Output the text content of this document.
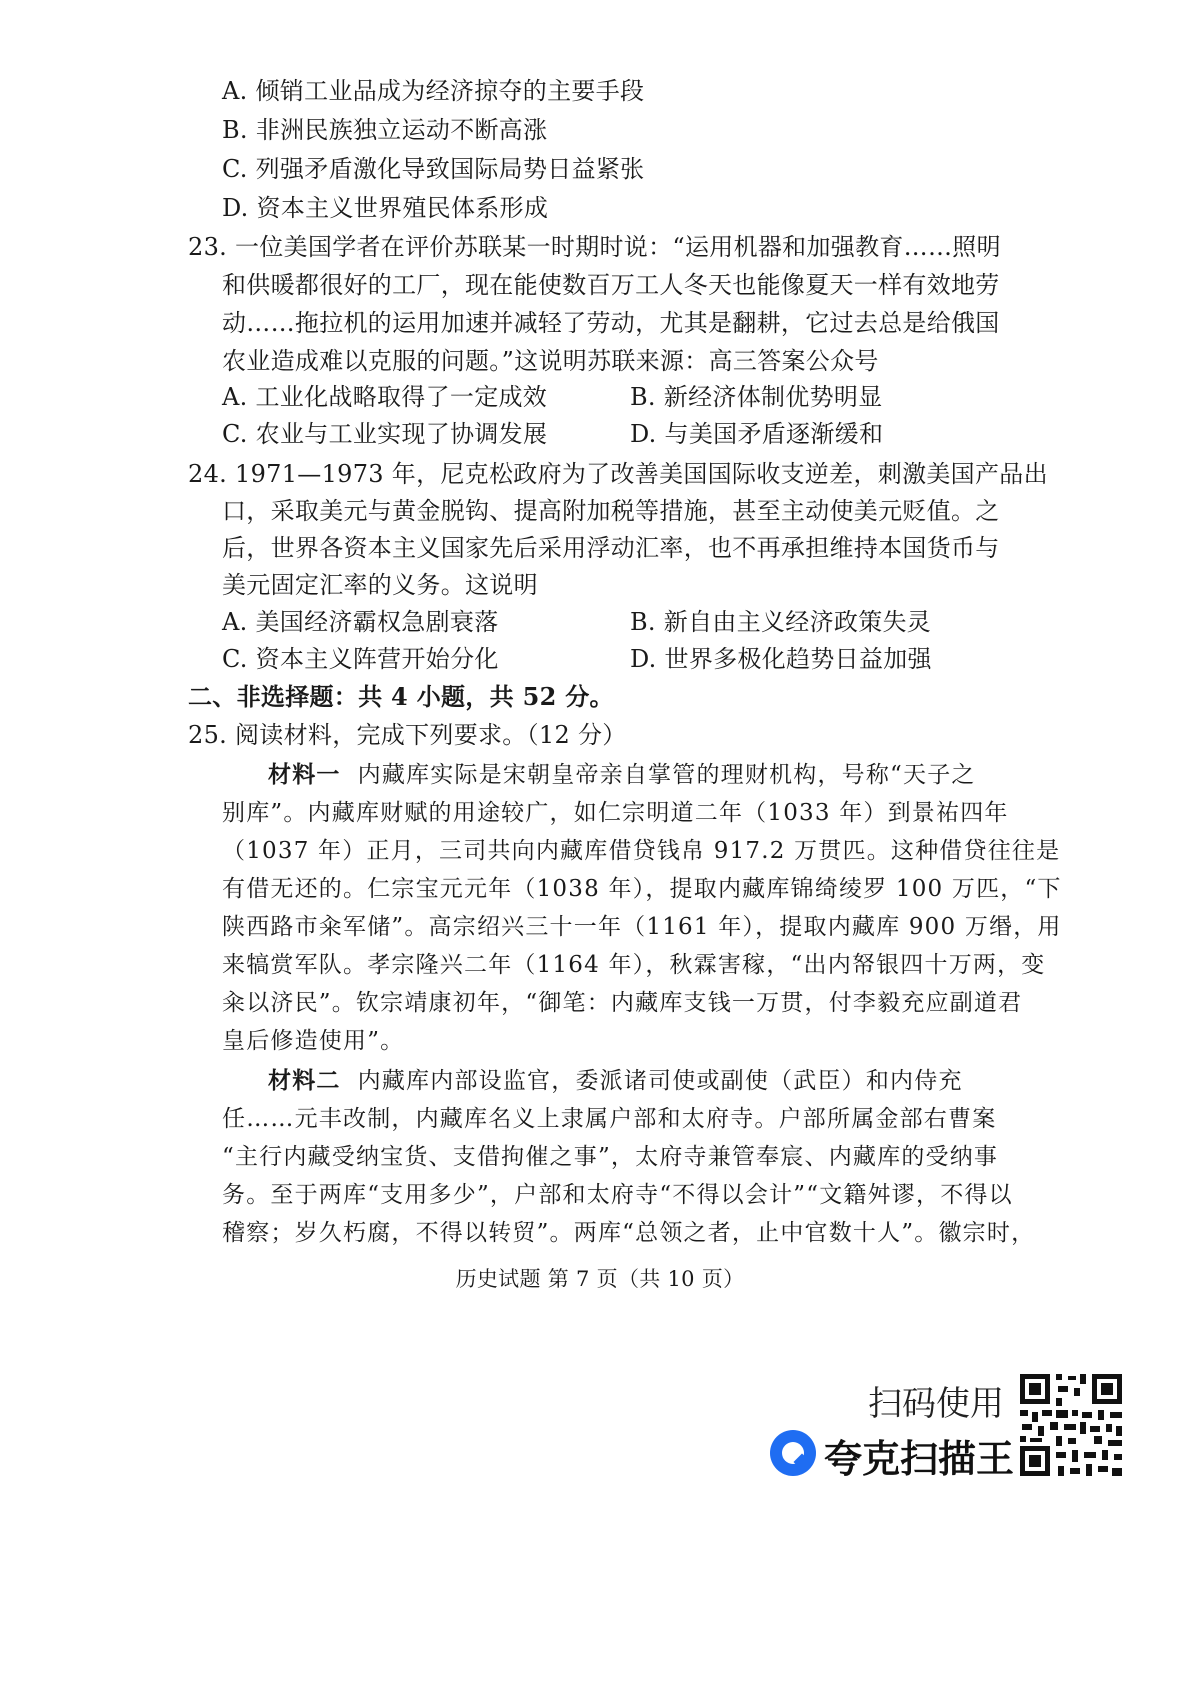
A. 倾销工业品成为经济掠夺的主要手段
B. 非洲民族独立运动不断高涨
C. 列强矛盾激化导致国际局势日益紧张
D. 资本主义世界殖民体系形成
23. 一位美国学者在评价苏联某一时期时说：“运用机器和加强教育……照明
和供暖都很好的工厂，现在能使数百万工人冬天也能像夏天一样有效地劳
动……拖拉机的运用加速并减轻了劳动，尤其是翻耕，它过去总是给俄国
农业造成难以克服的问题。”这说明苏联来源：高三答案公众号
A. 工业化战略取得了一定成效	B. 新经济体制优势明显
C. 农业与工业实现了协调发展	D. 与美国矛盾逐渐缓和
24. 1971—1973 年，尼克松政府为了改善美国国际收支逆差，刺激美国产品出
口，采取美元与黄金脱钩、提高附加税等措施，甚至主动使美元贬值。之
后，世界各资本主义国家先后采用浮动汇率，也不再承担维持本国货币与
美元固定汇率的义务。这说明
A. 美国经济霸权急剧衰落	B. 新自由主义经济政策失灵
C. 资本主义阵营开始分化	D. 世界多极化趋势日益加强
二、非选择题：共 4 小题，共 52 分。
25. 阅读材料，完成下列要求。（12 分）
材料一 内藏库实际是宋朝皇帝亲自掌管的理财机构，号称“天子之
别库”。内藏库财赋的用途较广，如仁宗明道二年（1033 年）到景祐四年
（1037 年）正月，三司共向内藏库借贷钱帛 917.2 万贯匹。这种借贷往往是
有借无还的。仁宗宝元元年（1038 年），提取内藏库锦绮绫罗 100 万匹，“下
陕西路市籴军储”。高宗绍兴三十一年（1161 年），提取内藏库 900 万缗，用
来犒赏军队。孝宗隆兴二年（1164 年），秋霖害稼，“出内帑银四十万两，变
籴以济民”。钦宗靖康初年，“御笔：内藏库支钱一万贯，付李毅充应副道君
皇后修造使用”。
材料二 内藏库内部设监官，委派诸司使或副使（武臣）和内侍充
任……元丰改制，内藏库名义上隶属户部和太府寺。户部所属金部右曹案
“主行内藏受纳宝货、支借拘催之事”，太府寺兼管奉宸、内藏库的受纳事
务。至于两库“支用多少”，户部和太府寺“不得以会计”“文籍舛谬，不得以
稽察；岁久朽腐，不得以转贸”。两库“总领之者，止中官数十人”。徽宗时，
历史试题 第 7 页（共 10 页）
扫码使用
夸克扫描王
